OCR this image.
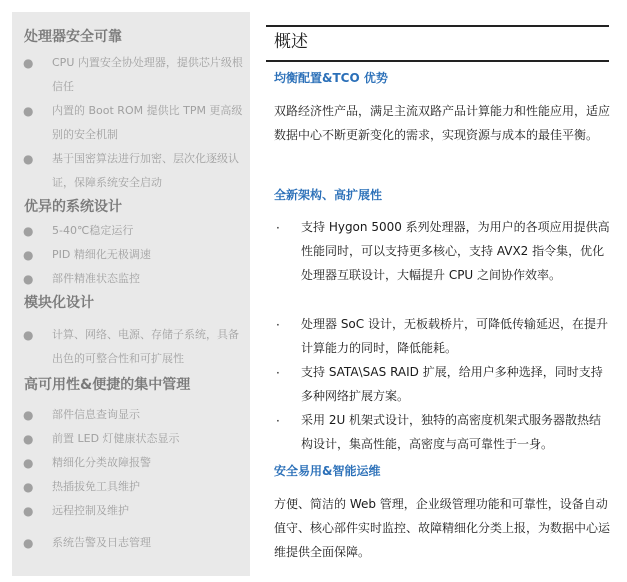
处理器安全可靠
● CPU 内置安全协处理器，提供芯片级根信任
● 内置的 Boot ROM 提供比 TPM 更高级别的安全机制
● 基于国密算法进行加密、层次化逐级认证，保障系统安全启动
优异的系统设计
● 5-40℃稳定运行
● PID 精细化无极调速
● 部件精准状态监控
模块化设计
● 计算、网络、电源、存储子系统，具备出色的可整合性和可扩展性
高可用性&便捷的集中管理
● 部件信息查询显示
● 前置 LED 灯健康状态显示
● 精细化分类故障报警
● 热插拔免工具维护
● 远程控制及维护
● 系统告警及日志管理
概述
均衡配置&TCO 优势
双路经济性产品，满足主流双路产品计算能力和性能应用，适应数据中心不断更新变化的需求，实现资源与成本的最佳平衡。
全新架构、高扩展性
· 支持 Hygon 5000 系列处理器，为用户的各项应用提供高性能同时，可以支持更多核心，支持 AVX2 指令集，优化处理器互联设计，大幅提升 CPU 之间协作效率。
· 处理器 SoC 设计，无板载桥片，可降低传输延迟，在提升计算能力的同时，降低能耗。
· 支持 SATA\SAS RAID 扩展，给用户多种选择，同时支持多种网络扩展方案。
· 采用 2U 机架式设计，独特的高密度机架式服务器散热结构设计，集高性能，高密度与高可靠性于一身。
安全易用&智能运维
方便、简洁的 Web 管理，企业级管理功能和可靠性，设备自动值守、核心部件实时监控、故障精细化分类上报，为数据中心运维提供全面保障。
